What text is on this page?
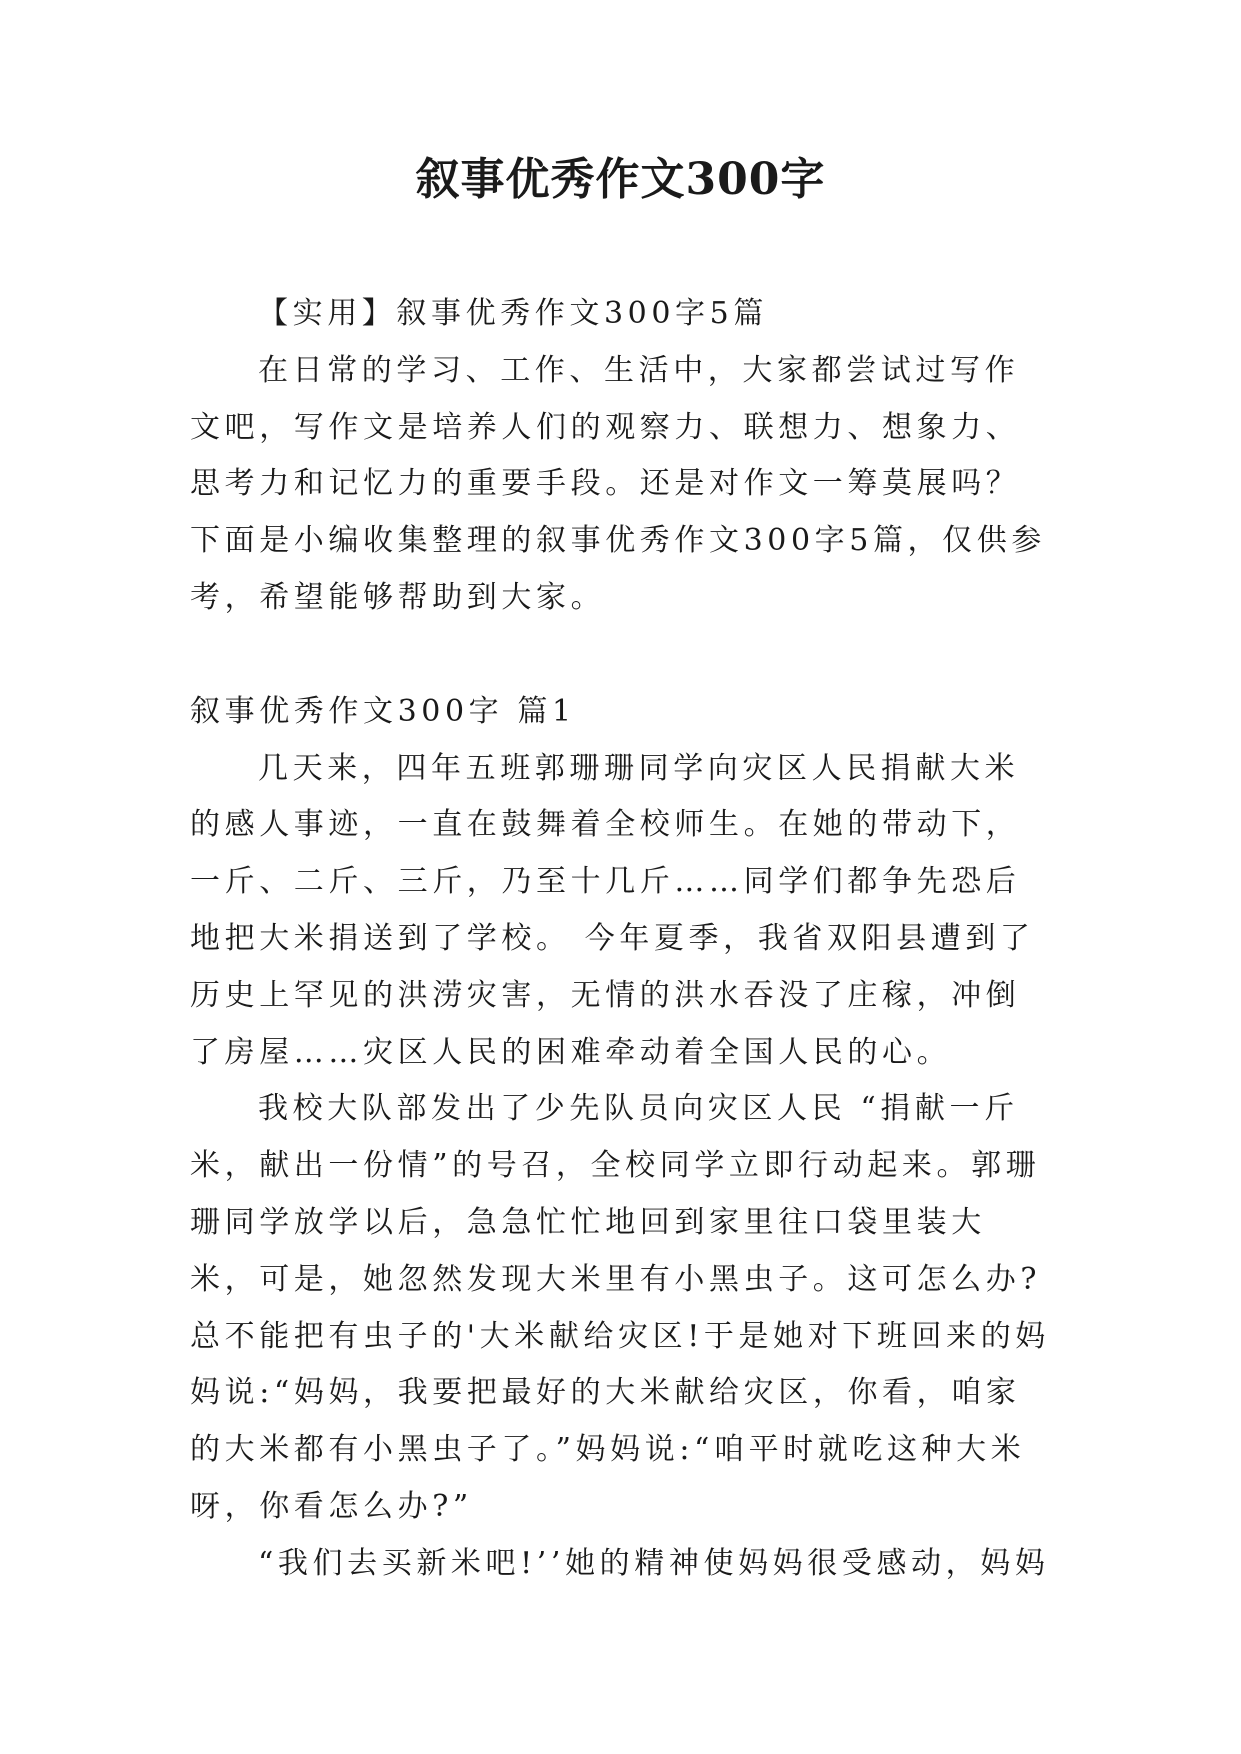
叙事优秀作文300字

【实用】叙事优秀作文300字5篇

在日常的学习、工作、生活中，大家都尝试过写作文吧，写作文是培养人们的观察力、联想力、想象力、思考力和记忆力的重要手段。还是对作文一筹莫展吗？下面是小编收集整理的叙事优秀作文300字5篇，仅供参考，希望能够帮助到大家。

叙事优秀作文300字 篇1

几天来，四年五班郭珊珊同学向灾区人民捐献大米的感人事迹，一直在鼓舞着全校师生。在她的带动下，一斤、二斤、三斤，乃至十几斤……同学们都争先恐后地把大米捐送到了学校。 今年夏季，我省双阳县遭到了历史上罕见的洪涝灾害，无情的洪水吞没了庄稼，冲倒了房屋……灾区人民的困难牵动着全国人民的心。

我校大队部发出了少先队员向灾区人民 “捐献一斤米，献出一份情”的号召，全校同学立即行动起来。郭珊珊同学放学以后，急急忙忙地回到家里往口袋里装大米，可是，她忽然发现大米里有小黑虫子。这可怎么办?总不能把有虫子的'大米献给灾区!于是她对下班回来的妈妈说:“妈妈，我要把最好的大米献给灾区，你看，咱家的大米都有小黑虫子了。”妈妈说:“咱平时就吃这种大米呀，你看怎么办?”

“我们去买新米吧!’’她的精神使妈妈很受感动，妈妈
